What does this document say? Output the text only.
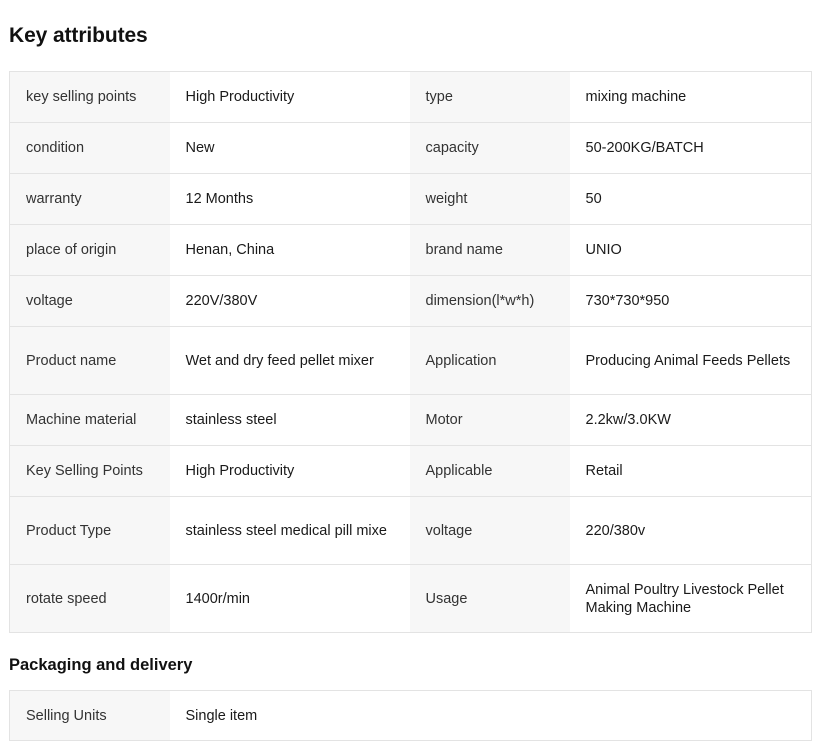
Key attributes
key selling points	High Productivity	type	mixing machine
condition	New	capacity	50-200KG/BATCH
warranty	12 Months	weight	50
place of origin	Henan, China	brand name	UNIO
voltage	220V/380V	dimension(l*w*h)	730*730*950
Product name	Wet and dry feed pellet mixer	Application	Producing Animal Feeds Pellets
Machine material	stainless steel	Motor	2.2kw/3.0KW
Key Selling Points	High Productivity	Applicable	Retail
Product Type	stainless steel medical pill mixe	voltage	220/380v
rotate speed	1400r/min	Usage	Animal Poultry Livestock Pellet Making Machine
Packaging and delivery
Selling Units	Single item
